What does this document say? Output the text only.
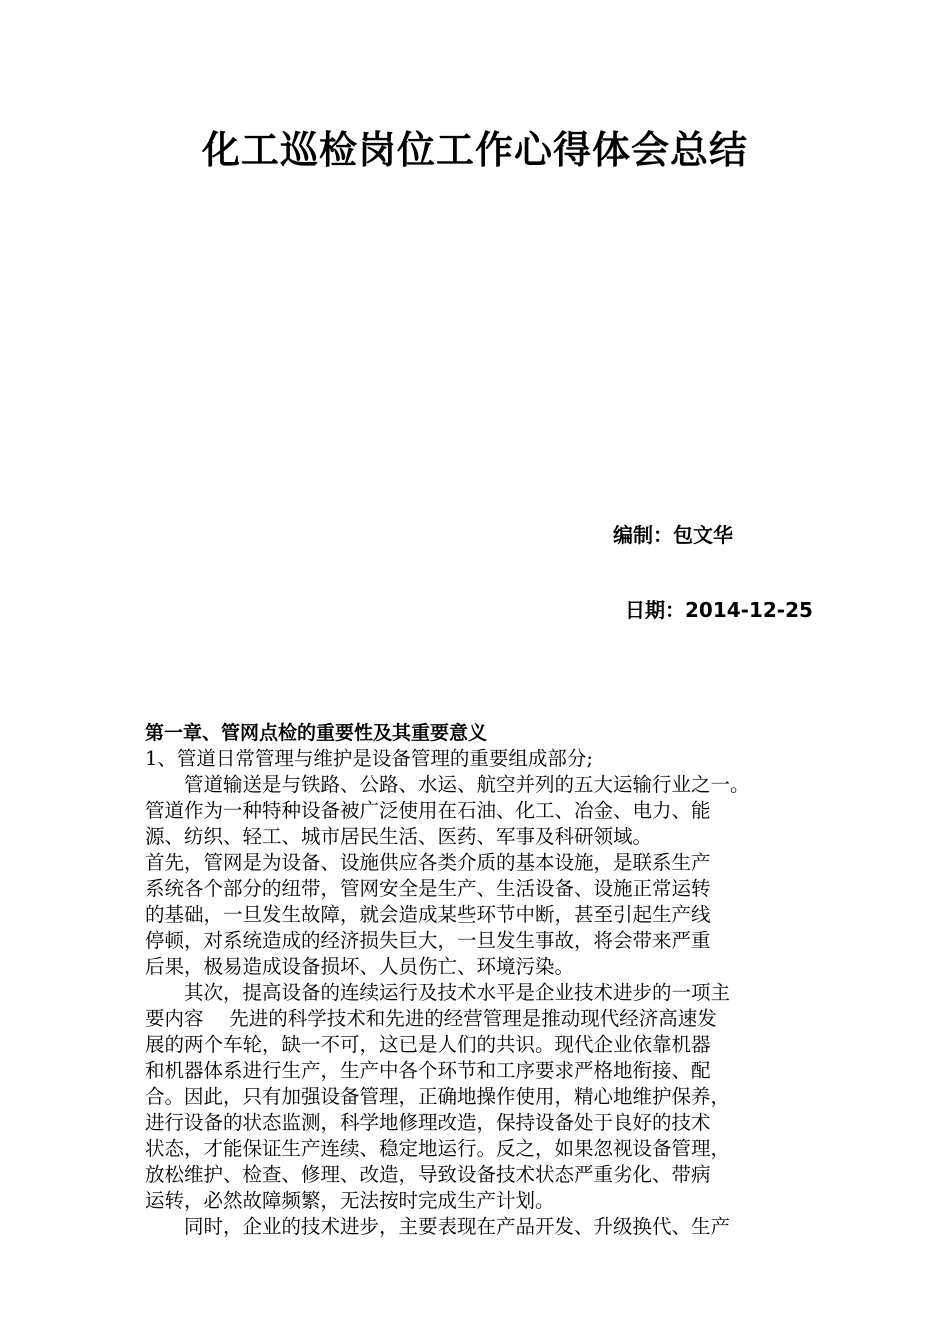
化工巡检岗位工作心得体会总结
编制：包文华
日期：2014-12-25
第一章、管网点检的重要性及其重要意义
1、管道日常管理与维护是设备管理的重要组成部分;
　　管道输送是与铁路、公路、水运、航空并列的五大运输行业之一。
管道作为一种特种设备被广泛使用在石油、化工、冶金、电力、能
源、纺织、轻工、城市居民生活、医药、军事及科研领域。
首先，管网是为设备、设施供应各类介质的基本设施，是联系生产
系统各个部分的纽带，管网安全是生产、生活设备、设施正常运转
的基础，一旦发生故障，就会造成某些环节中断，甚至引起生产线
停顿，对系统造成的经济损失巨大，一旦发生事故，将会带来严重
后果，极易造成设备损坏、人员伤亡、环境污染。
　　其次，提高设备的连续运行及技术水平是企业技术进步的一项主
要内容　 先进的科学技术和先进的经营管理是推动现代经济高速发
展的两个车轮，缺一不可，这已是人们的共识。现代企业依靠机器
和机器体系进行生产，生产中各个环节和工序要求严格地衔接、配
合。因此，只有加强设备管理，正确地操作使用，精心地维护保养，
进行设备的状态监测，科学地修理改造，保持设备处于良好的技术
状态，才能保证生产连续、稳定地运行。反之，如果忽视设备管理，
放松维护、检查、修理、改造，导致设备技术状态严重劣化、带病
运转，必然故障频繁，无法按时完成生产计划。
　　同时，企业的技术进步，主要表现在产品开发、升级换代、生产
